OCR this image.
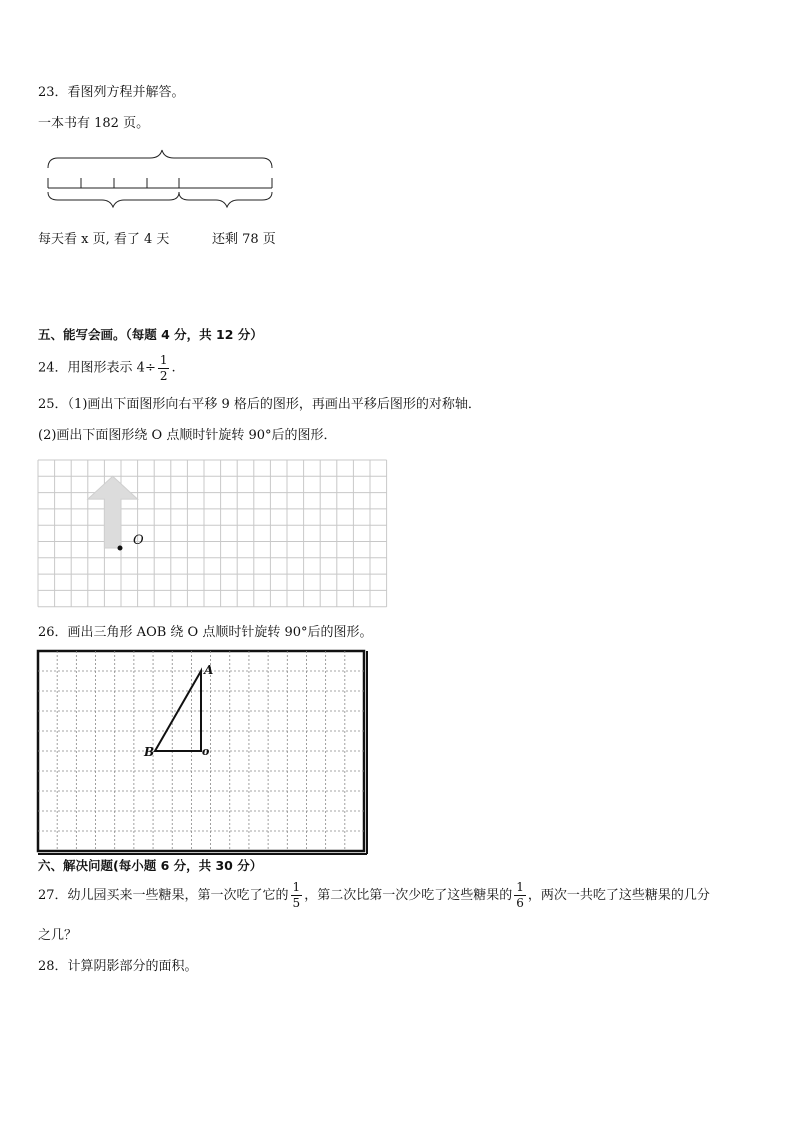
23．看图列方程并解答。
一本书有 182 页。
每天看 x 页, 看了 4 天	还剩 78 页
五、能写会画。（每题 4 分，共 12 分）
24．用图形表示 $4\div \frac{1}{2}$ .
25．（1)画出下面图形向右平移 9 格后的图形，再画出平移后图形的对称轴．
(2)画出下面图形绕 O 点顺时针旋转 90°后的图形．
O
26．画出三角形 AOB 绕 O 点顺时针旋转 90°后的图形。
A
B	o
六、解决问题(每小题 6 分，共 30 分）
27．幼儿园买来一些糖果，第一次吃了它的 $\frac{1}{5}$ ，第二次比第一次少吃了这些糖果的 $\frac{1}{6}$ ，两次一共吃了这些糖果的几分
之几？
28．计算阴影部分的面积。
